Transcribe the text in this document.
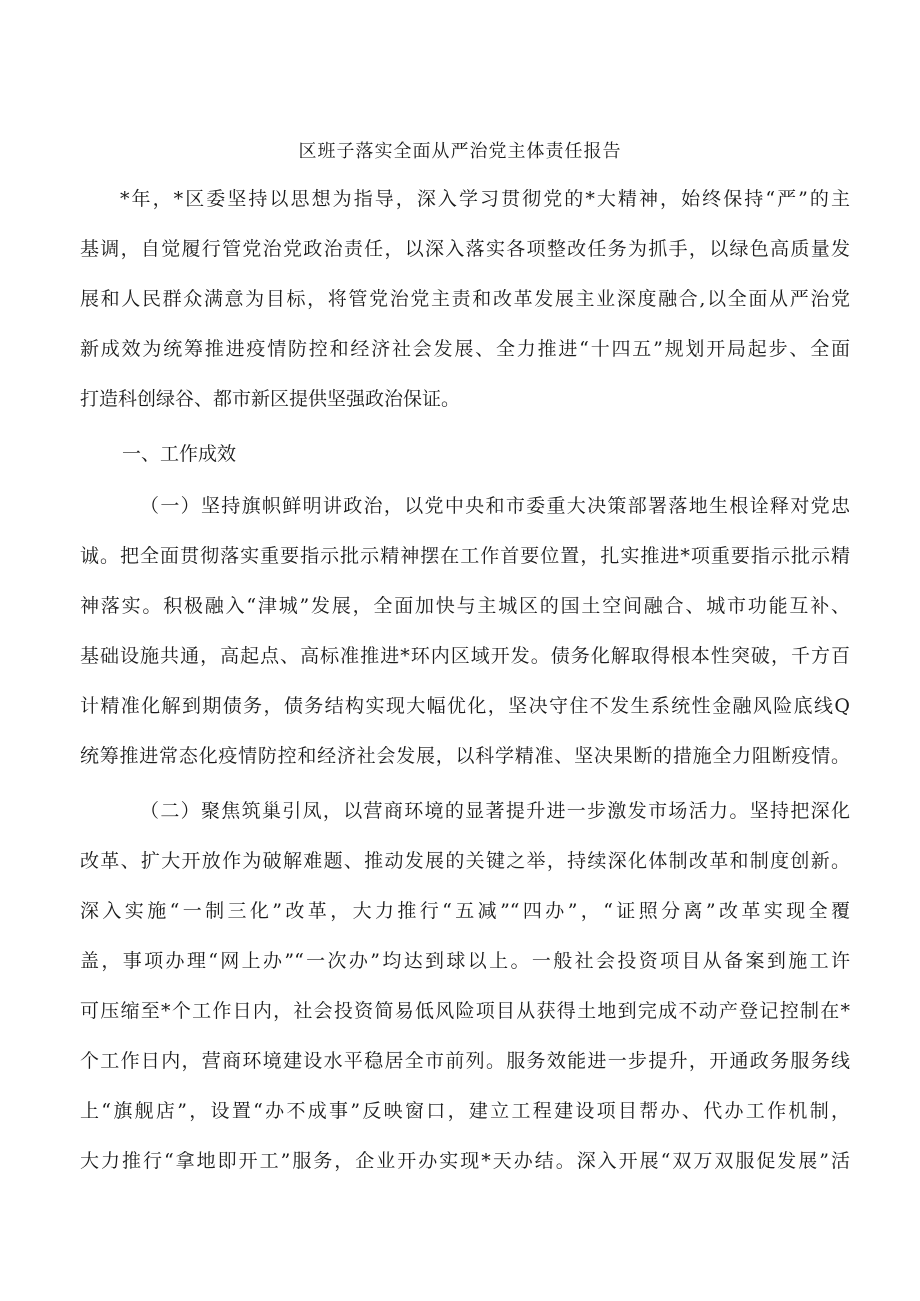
区班子落实全面从严治党主体责任报告
*年，*区委坚持以思想为指导，深入学习贯彻党的*大精神，始终保持“严”的主
基调，自觉履行管党治党政治责任，以深入落实各项整改任务为抓手，以绿色高质量发
展和人民群众满意为目标，将管党治党主责和改革发展主业深度融合,以全面从严治党
新成效为统筹推进疫情防控和经济社会发展、全力推进“十四五”规划开局起步、全面
打造科创绿谷、都市新区提供坚强政治保证。
一、工作成效
（一）坚持旗帜鲜明讲政治，以党中央和市委重大决策部署落地生根诠释对党忠
诚。把全面贯彻落实重要指示批示精神摆在工作首要位置，扎实推进*项重要指示批示精
神落实。积极融入“津城”发展，全面加快与主城区的国土空间融合、城市功能互补、
基础设施共通，高起点、高标准推进*环内区域开发。债务化解取得根本性突破，千方百
计精准化解到期债务，债务结构实现大幅优化，坚决守住不发生系统性金融风险底线Q
统筹推进常态化疫情防控和经济社会发展，以科学精准、坚决果断的措施全力阻断疫情。
（二）聚焦筑巢引凤，以营商环境的显著提升进一步激发市场活力。坚持把深化
改革、扩大开放作为破解难题、推动发展的关键之举，持续深化体制改革和制度创新。
深入实施“一制三化”改革，大力推行“五减”“四办”，“证照分离”改革实现全覆
盖，事项办理“网上办”“一次办”均达到球以上。一般社会投资项目从备案到施工许
可压缩至*个工作日内，社会投资简易低风险项目从获得土地到完成不动产登记控制在*
个工作日内，营商环境建设水平稳居全市前列。服务效能进一步提升，开通政务服务线
上“旗舰店”，设置“办不成事”反映窗口，建立工程建设项目帮办、代办工作机制，
大力推行“拿地即开工”服务，企业开办实现*天办结。深入开展“双万双服促发展”活
